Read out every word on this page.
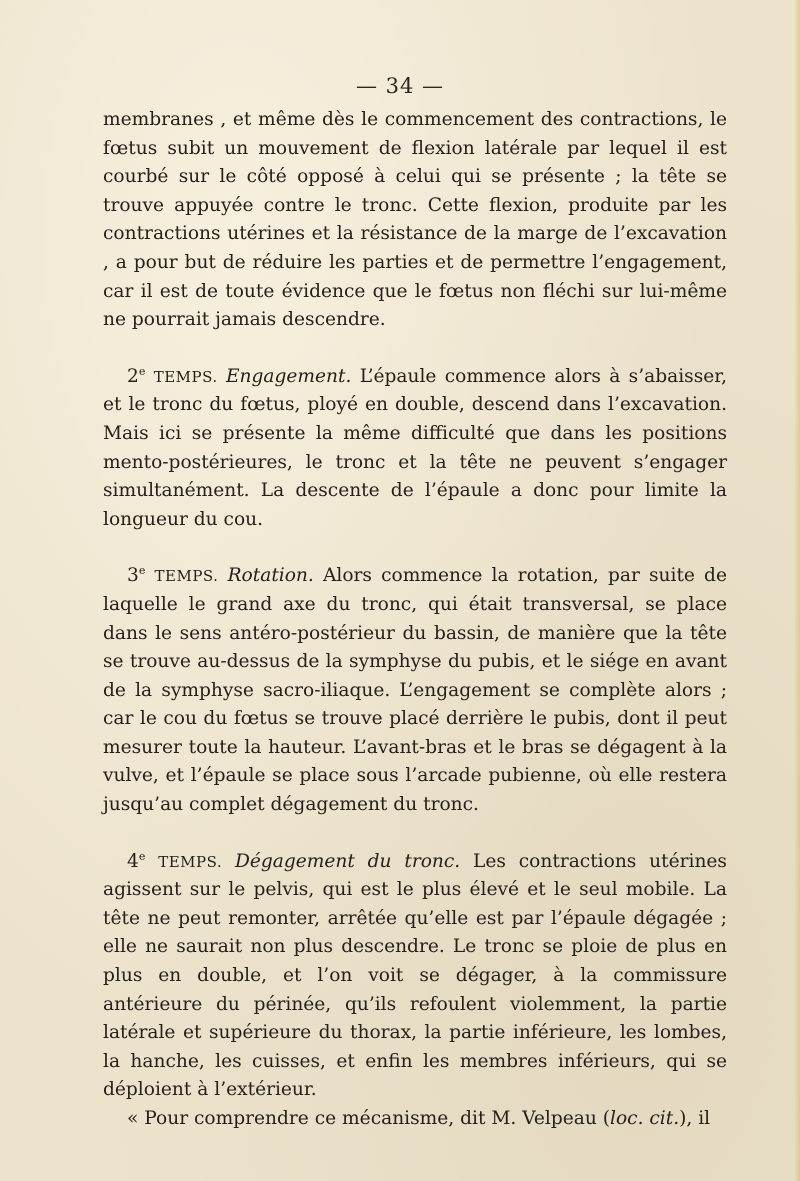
— 34 —

membranes , et même dès le commencement des contractions, le fœtus subit un mouvement de flexion latérale par lequel il est courbé sur le côté opposé à celui qui se présente ; la tête se trouve appuyée contre le tronc. Cette flexion, produite par les contractions utérines et la résistance de la marge de l’excavation , a pour but de réduire les parties et de permettre l’engagement, car il est de toute évidence que le fœtus non fléchi sur lui-même ne pourrait jamais descendre.

2e TEMPS. Engagement. L’épaule commence alors à s’abaisser, et le tronc du fœtus, ployé en double, descend dans l’excavation. Mais ici se présente la même difficulté que dans les positions mento-postérieures, le tronc et la tête ne peuvent s’engager simultanément. La descente de l’épaule a donc pour limite la longueur du cou.

3e TEMPS. Rotation. Alors commence la rotation, par suite de laquelle le grand axe du tronc, qui était transversal, se place dans le sens antéro-postérieur du bassin, de manière que la tête se trouve au-dessus de la symphyse du pubis, et le siége en avant de la symphyse sacro-iliaque. L’engagement se complète alors ; car le cou du fœtus se trouve placé derrière le pubis, dont il peut mesurer toute la hauteur. L’avant-bras et le bras se dégagent à la vulve, et l’épaule se place sous l’arcade pubienne, où elle restera jusqu’au complet dégagement du tronc.

4e TEMPS. Dégagement du tronc. Les contractions utérines agissent sur le pelvis, qui est le plus élevé et le seul mobile. La tête ne peut remonter, arrêtée qu’elle est par l’épaule dégagée ; elle ne saurait non plus descendre. Le tronc se ploie de plus en plus en double, et l’on voit se dégager, à la commissure antérieure du périnée, qu’ils refoulent violemment, la partie latérale et supérieure du thorax, la partie inférieure, les lombes, la hanche, les cuisses, et enfin les membres inférieurs, qui se déploient à l’extérieur.

« Pour comprendre ce mécanisme, dit M. Velpeau (loc. cit.), il
